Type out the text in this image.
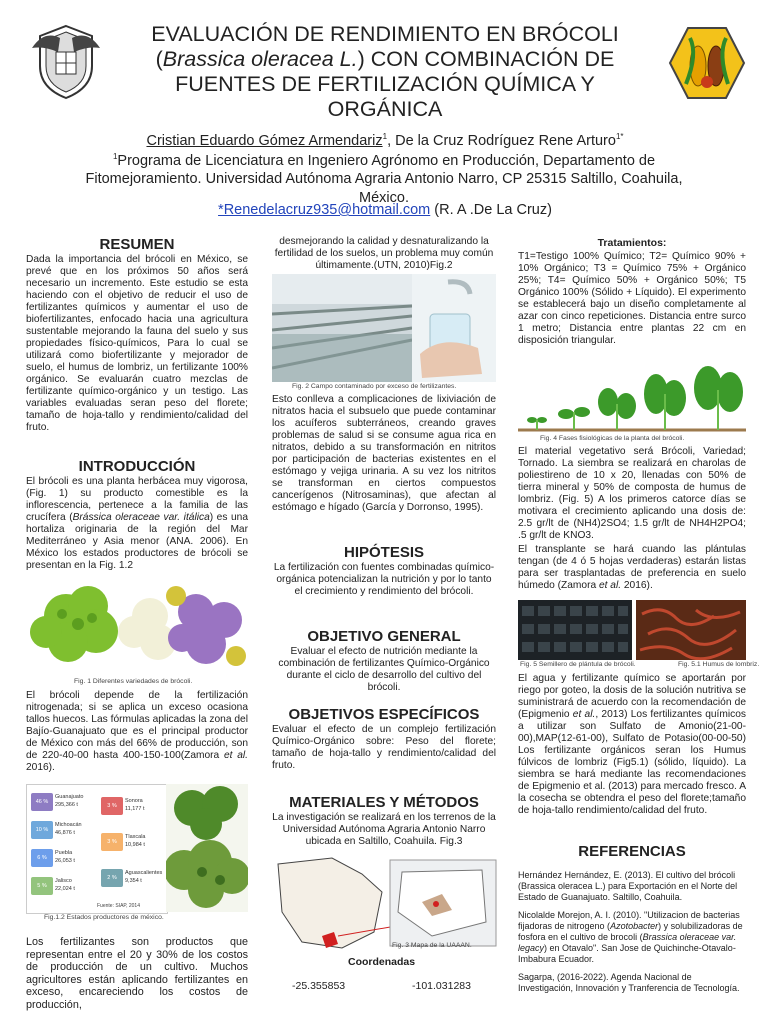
EVALUACIÓN DE RENDIMIENTO EN BRÓCOLI
(Brassica oleracea L.) CON COMBINACIÓN DE
FUENTES DE FERTILIZACIÓN QUÍMICA Y
ORGÁNICA
Cristian Eduardo Gómez Armendariz$^1$, De la Cruz Rodríguez Rene Arturo$^{1*}$
$^1$Programa de Licenciatura en Ingeniero Agrónomo en Producción, Departamento de
Fitomejoramiento. Universidad Autónoma Agraria Antonio Narro, CP 25315 Saltillo, Coahuila,
México.
*Renedelacruz935@hotmail.com (R. A .De La Cruz)
RESUMEN
Dada la importancia del brócoli en México, se prevé que en los próximos 50 años será necesario un incremento. Este estudio se esta haciendo con el objetivo de reducir el uso de fertilizantes químicos y aumentar el uso de biofertilizantes, enfocado hacia una agricultura sustentable mejorando la fauna del suelo y sus propiedades físico-químicos, Para lo cual se utilizará como biofertilizante y mejorador de suelo, el humus de lombriz, un fertilizante 100% orgánico. Se evaluarán cuatro mezclas de fertilizante químico-orgánico y un testigo. Las variables evaluadas seran peso del florete; tamaño de hoja-tallo y rendimiento/calidad del fruto.
INTRODUCCIÓN
El brócoli es una planta herbácea muy vigorosa,(Fig. 1) su producto comestible es la inflorescencia, pertenece a la familia de las crucífera (Brássica oleraceae var. itálica) es una hortaliza originaria de la región del Mar Mediterráneo y Asia menor (ANA. 2006). En México los estados productores de brócoli se presentan en la Fig. 1.2
Fig. 1 Diferentes variedades de brócoli.
El brócoli depende de la fertilización nitrogenada; si se aplica un exceso ocasiona tallos huecos. Las fórmulas aplicadas la zona del Bajío-Guanajuato que es el principal productor de México con más del 66% de producción, son de 220-40-00 hasta 400-150-100(Zamora et al. 2016).
46 %
Guanajuato
295,366 t
10 %
Michoacán
46,876 t
6 %
Puebla
26,053 t
5 %
Jalisco
22,024 t
3 %
Sonora
11,177 t
3 %
Tlaxcala
10,984 t
2 %
Aguascalientes
9,354 t
Fuente: SIAP, 2014
Fig.1.2 Estados productores de méxico.
Los fertilizantes son productos que representan entre el 20 y 30% de los costos de producción de un cultivo. Muchos agricultores están aplicando fertilizantes en exceso, encareciendo los costos de producción,
desmejorando la calidad y desnaturalizando la fertilidad de los suelos, un problema muy común últimamente.(UTN, 2010)Fig.2
Fig. 2 Campo contaminado por exceso de fertilizantes.
Esto conlleva a complicaciones de lixiviación de nitratos hacia el subsuelo que puede contaminar los acuíferos subterráneos, creando graves problemas de salud si se consume agua rica en nitratos, debido a su transformación en nitritos por participación de bacterias existentes en el estómago y vejiga urinaria. A su vez los nitritos se transforman en ciertos compuestos cancerígenos (Nitrosaminas), que afectan al estómago e hígado (García y Dorronso, 1995).
HIPÓTESIS
La fertilización con fuentes combinadas químico-orgánica potencializan la nutrición y por lo tanto el crecimiento y rendimiento del brócoli.
OBJETIVO GENERAL
Evaluar el efecto de nutrición mediante la combinación de fertilizantes Químico-Orgánico durante el ciclo de desarrollo del cultivo del brócoli.
OBJETIVOS ESPECÍFICOS
Evaluar el efecto de un complejo fertilización Químico-Orgánico sobre: Peso del florete; tamaño de hoja-tallo y rendimiento/calidad del fruto.
MATERIALES Y MÉTODOS
La investigación se realizará en los terrenos de la Universidad Autónoma Agraria Antonio Narro ubicada en Saltillo, Coahuila. Fig.3
Fig. 3 Mapa de la UAAAN.
Coordenadas
-25.355853	-101.031283
Tratamientos:
T1=Testigo 100% Químico; T2= Químico 90% + 10% Orgánico; T3 = Químico 75% + Orgánico 25%; T4= Químico 50% + Orgánico 50%; T5 Orgánico 100% (Sólido + Líquido). El experimento se establecerá bajo un diseño completamente al azar con cinco repeticiones. Distancia entre surco 1 metro; Distancia entre plantas 22 cm en disposición triangular.
Fig. 4 Fases fisiológicas de la planta del brócoli.
El material vegetativo será Brócoli, Variedad; Tornado. La siembra se realizará en charolas de poliestireno de 10 x 20, llenadas con 50% de tierra mineral y 50% de composta de humus de lombriz. (Fig. 5) A los primeros catorce días se motivara el crecimiento aplicando una dosis de: 2.5 gr/lt de (NH4)2SO4; 1.5 gr/lt de NH4H2PO4; .5 gr/lt de KNO3.
El transplante se hará cuando las plántulas tengan (de 4 ó 5 hojas verdaderas) estarán listas para ser trasplantadas de preferencia en suelo húmedo (Zamora et al. 2016).
Fig. 5 Semillero de plántula de brócoli.	Fig. 5.1 Humus de lombriz.
El agua y fertilizante químico se aportarán por riego por goteo, la dosis de la solución nutritiva se suministrará de acuerdo con la recomendación de (Epigmenio et al., 2013) Los fertilizantes químicos a utilizar son Sulfato de Amonio(21-00-00),MAP(12-61-00), Sulfato de Potasio(00-00-50) Los fertilizante orgánicos seran los Humus fúlvicos de lombriz (Fig5.1) (sólido, líquido). La siembra se hará mediante las recomendaciones de Epigmenio et al. (2013) para mercado fresco. A la cosecha se obtendra el peso del florete;tamaño de hoja-tallo rendimiento/calidad del fruto.
REFERENCIAS
Hernández Hernández, E. (2013). El cultivo del brócoli (Brassica oleracea L.) para Exportación en el Norte del Estado de Guanajuato. Saltillo, Coahuila.
Nicolalde Morejon, A. I. (2010). "Utilizacion de bacterias fijadoras de nitrogeno (Azotobacter) y solubilizadoras de fosfora en el cultivo de brocoli (Brassica oleraceae var. legacy) en Otavalo". San Jose de Quichinche-Otavalo-Imbabura Ecuador.
Sagarpa, (2016-2022). Agenda Nacional de Investigación, Innovación y Tranferencia de Tecnología.
